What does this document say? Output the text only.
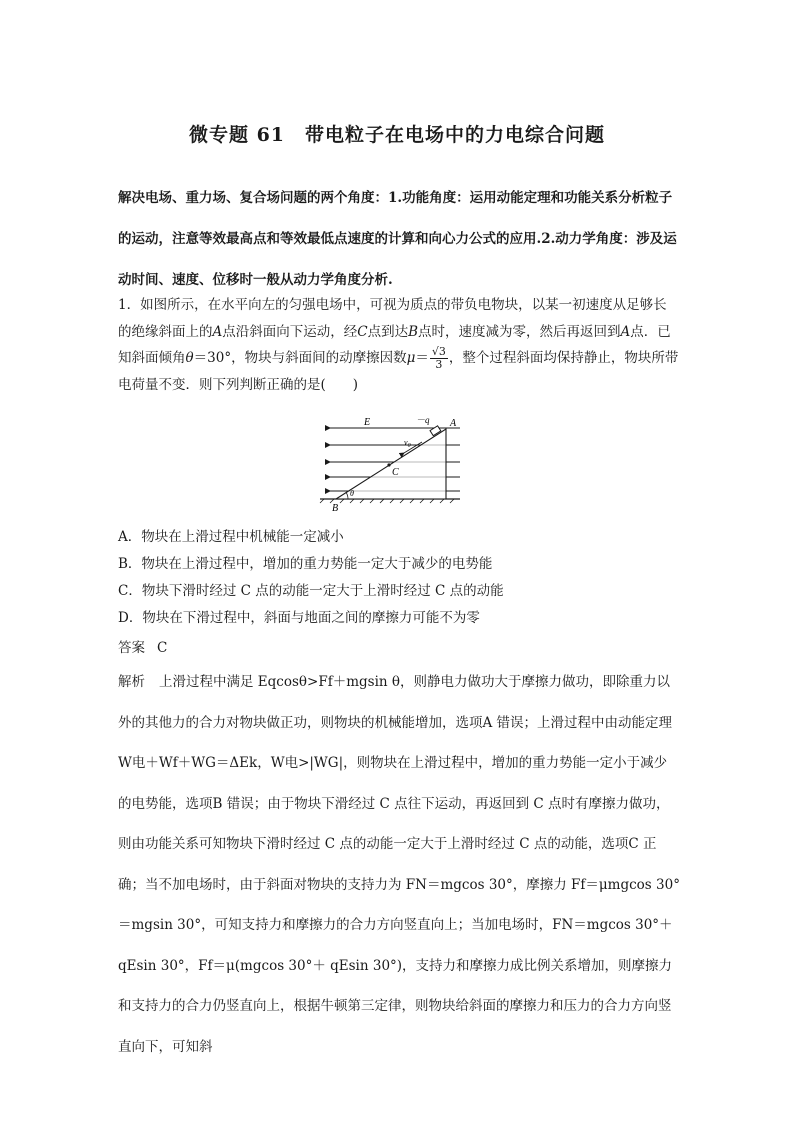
微专题 61　带电粒子在电场中的力电综合问题
解决电场、重力场、复合场问题的两个角度：1.功能角度：运用动能定理和功能关系分析粒子的运动，注意等效最高点和等效最低点速度的计算和向心力公式的应用.2.动力学角度：涉及运动时间、速度、位移时一般从动力学角度分析.
1．如图所示，在水平向左的匀强电场中，可视为质点的带负电物块，以某一初速度从足够长的绝缘斜面上的A点沿斜面向下运动，经C点到达B点时，速度减为零，然后再返回到A点．已知斜面倾角θ＝30°，物块与斜面间的动摩擦因数$\mu= \frac{√3}{3}$ ，整个过程斜面均保持静止，物块所带电荷量不变．则下列判断正确的是(　　)
E	－q A
$v_0$
C
θ
B
A．物块在上滑过程中机械能一定减小
B．物块在上滑过程中，增加的重力势能一定大于减少的电势能
C．物块下滑时经过 C 点的动能一定大于上滑时经过 C 点的动能
D．物块在下滑过程中，斜面与地面之间的摩擦力可能不为零
答案 C
解析 上滑过程中满足 Eqcosθ>Ff＋mgsin θ，则静电力做功大于摩擦力做功，即除重力以外的其他力的合力对物块做正功，则物块的机械能增加，选项A 错误；上滑过程中由动能定理W电＋Wf＋WG＝ΔEk，W电>|WG|，则物块在上滑过程中，增加的重力势能一定小于减少的电势能，选项B 错误；由于物块下滑经过 C 点往下运动，再返回到 C 点时有摩擦力做功，则由功能关系可知物块下滑时经过 C 点的动能一定大于上滑时经过 C 点的动能，选项C 正确；当不加电场时，由于斜面对物块的支持力为 FN＝mgcos 30°，摩擦力 Ff＝μmgcos 30°＝mgsin 30°，可知支持力和摩擦力的合力方向竖直向上；当加电场时，FN＝mgcos 30°＋qEsin 30°，Ff＝μ(mgcos 30°＋ qEsin 30°)，支持力和摩擦力成比例关系增加，则摩擦力和支持力的合力仍竖直向上，根据牛顿第三定律，则物块给斜面的摩擦力和压力的合力方向竖直向下，可知斜
